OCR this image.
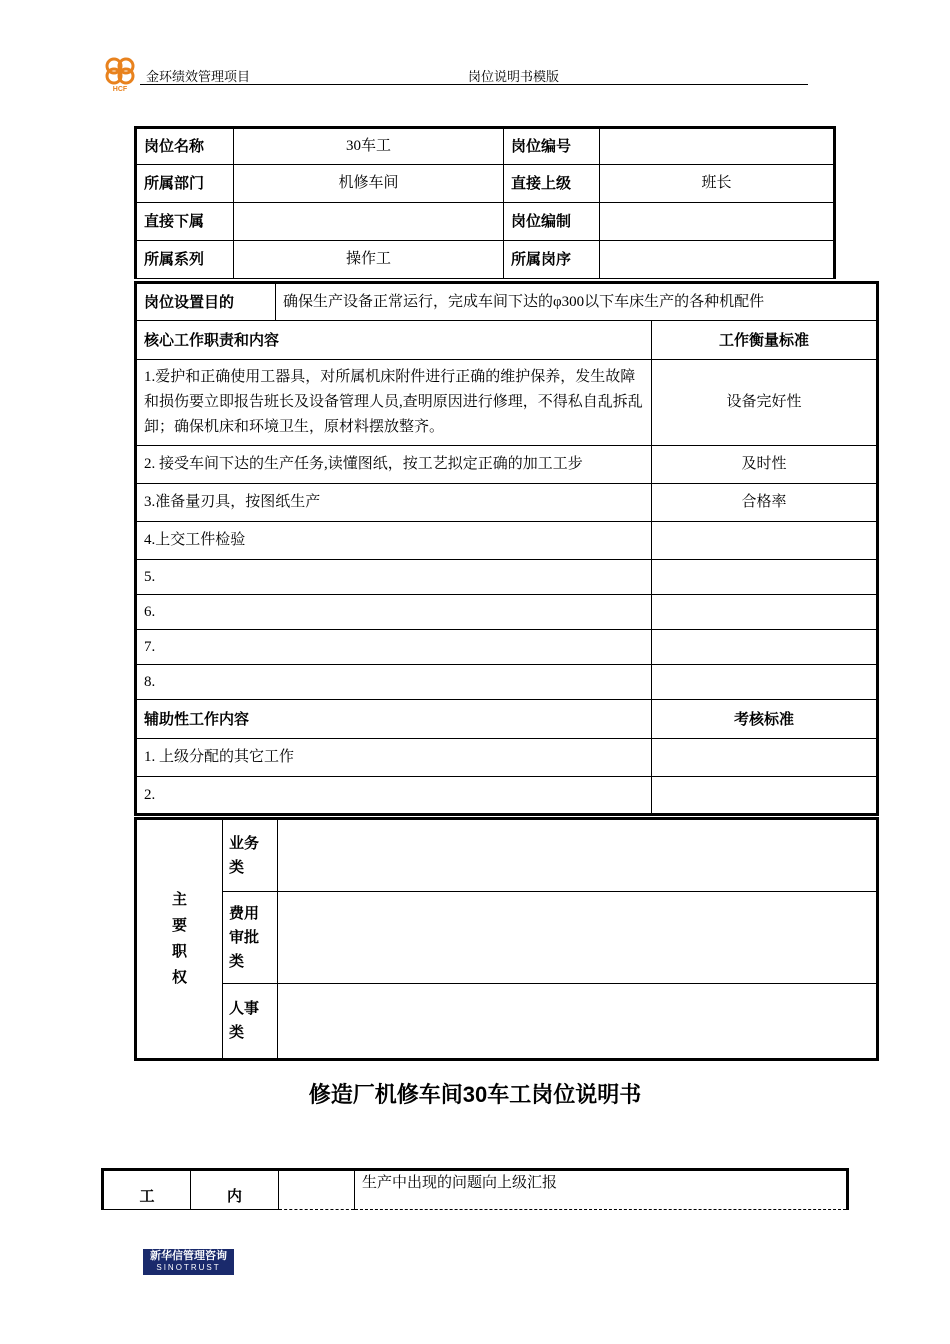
HCF
金环绩效管理项目	岗位说明书模版
岗位名称	30车工	岗位编号	
所属部门	机修车间	直接上级	班长
直接下属		岗位编制	
所属系列	操作工	所属岗序	
岗位设置目的	确保生产设备正常运行，完成车间下达的φ300以下车床生产的各种机配件	
核心工作职责和内容		工作衡量标准
1.爱护和正确使用工器具，对所属机床附件进行正确的维护保养，发生故障和损伤要立即报告班长及设备管理人员,查明原因进行修理，不得私自乱拆乱卸；确保机床和环境卫生，原材料摆放整齐。		设备完好性
2. 接受车间下达的生产任务,读懂图纸，按工艺拟定正确的加工工步		及时性
3.准备量刃具，按图纸生产		合格率
4.上交工件检验		
5.		
6.		
7.		
8.		
辅助性工作内容		考核标准
1. 上级分配的其它工作		
2.		
主要职权	业务类	
	费用审批类	
	人事类	
修造厂机修车间30车工岗位说明书
工	内		生产中出现的问题向上级汇报
新华信管理咨询
SINOTRUST
